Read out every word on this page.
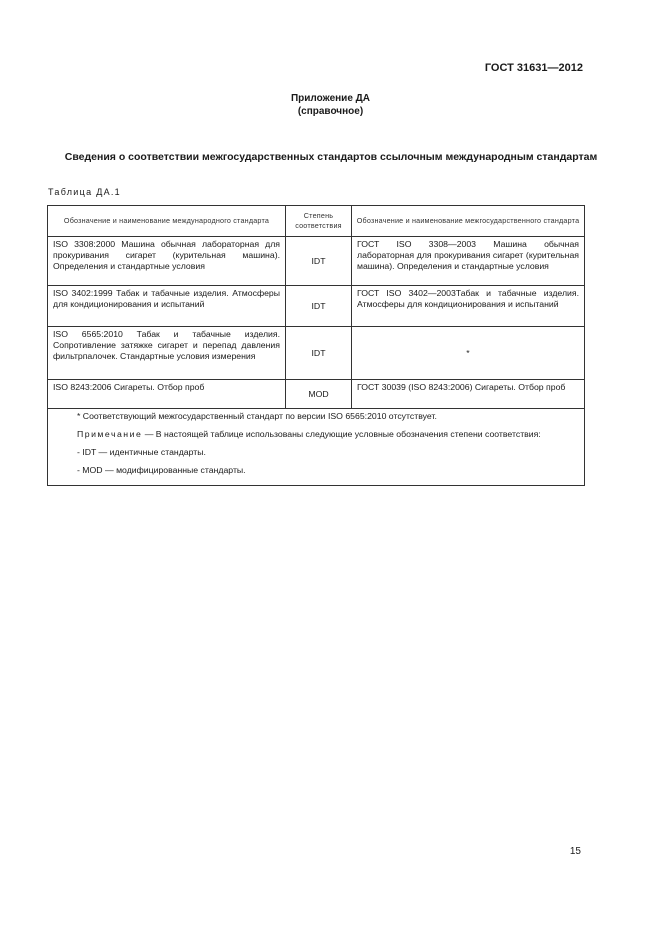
ГОСТ 31631—2012
Приложение ДА
(справочное)
Сведения о соответствии межгосударственных стандартов ссылочным международным стандартам
Таблица ДА.1
Обозначение и наименование международного стандарта	Степень соответствия	Обозначение и наименование межгосударственного стандарта
ISO 3308:2000 Машина обычная лабораторная для прокуривания сигарет (курительная машина). Определения и стандартные условия	IDT	ГОСТ ISO 3308—2003 Машина обычная лабораторная для прокуривания сигарет (курительная машина). Определения и стандартные условия
ISO 3402:1999 Табак и табачные изделия. Атмосферы для кондиционирования и испытаний	IDT	ГОСТ ISO 3402—2003Табак и табачные изделия. Атмосферы для кондиционирования и испытаний
ISO 6565:2010 Табак и табачные изделия. Сопротивление затяжке сигарет и перепад давления фильтрпалочек. Стандартные условия измерения	IDT	*
ISO 8243:2006 Сигареты. Отбор проб	MOD	ГОСТ 30039 (ISO 8243:2006) Сигареты. Отбор проб

* Соответствующий межгосударственный стандарт по версии ISO 6565:2010 отсутствует.
Примечание — В настоящей таблице использованы следующие условные обозначения степени соответствия:
- IDT — идентичные стандарты.
- MOD — модифицированные стандарты.		
15
